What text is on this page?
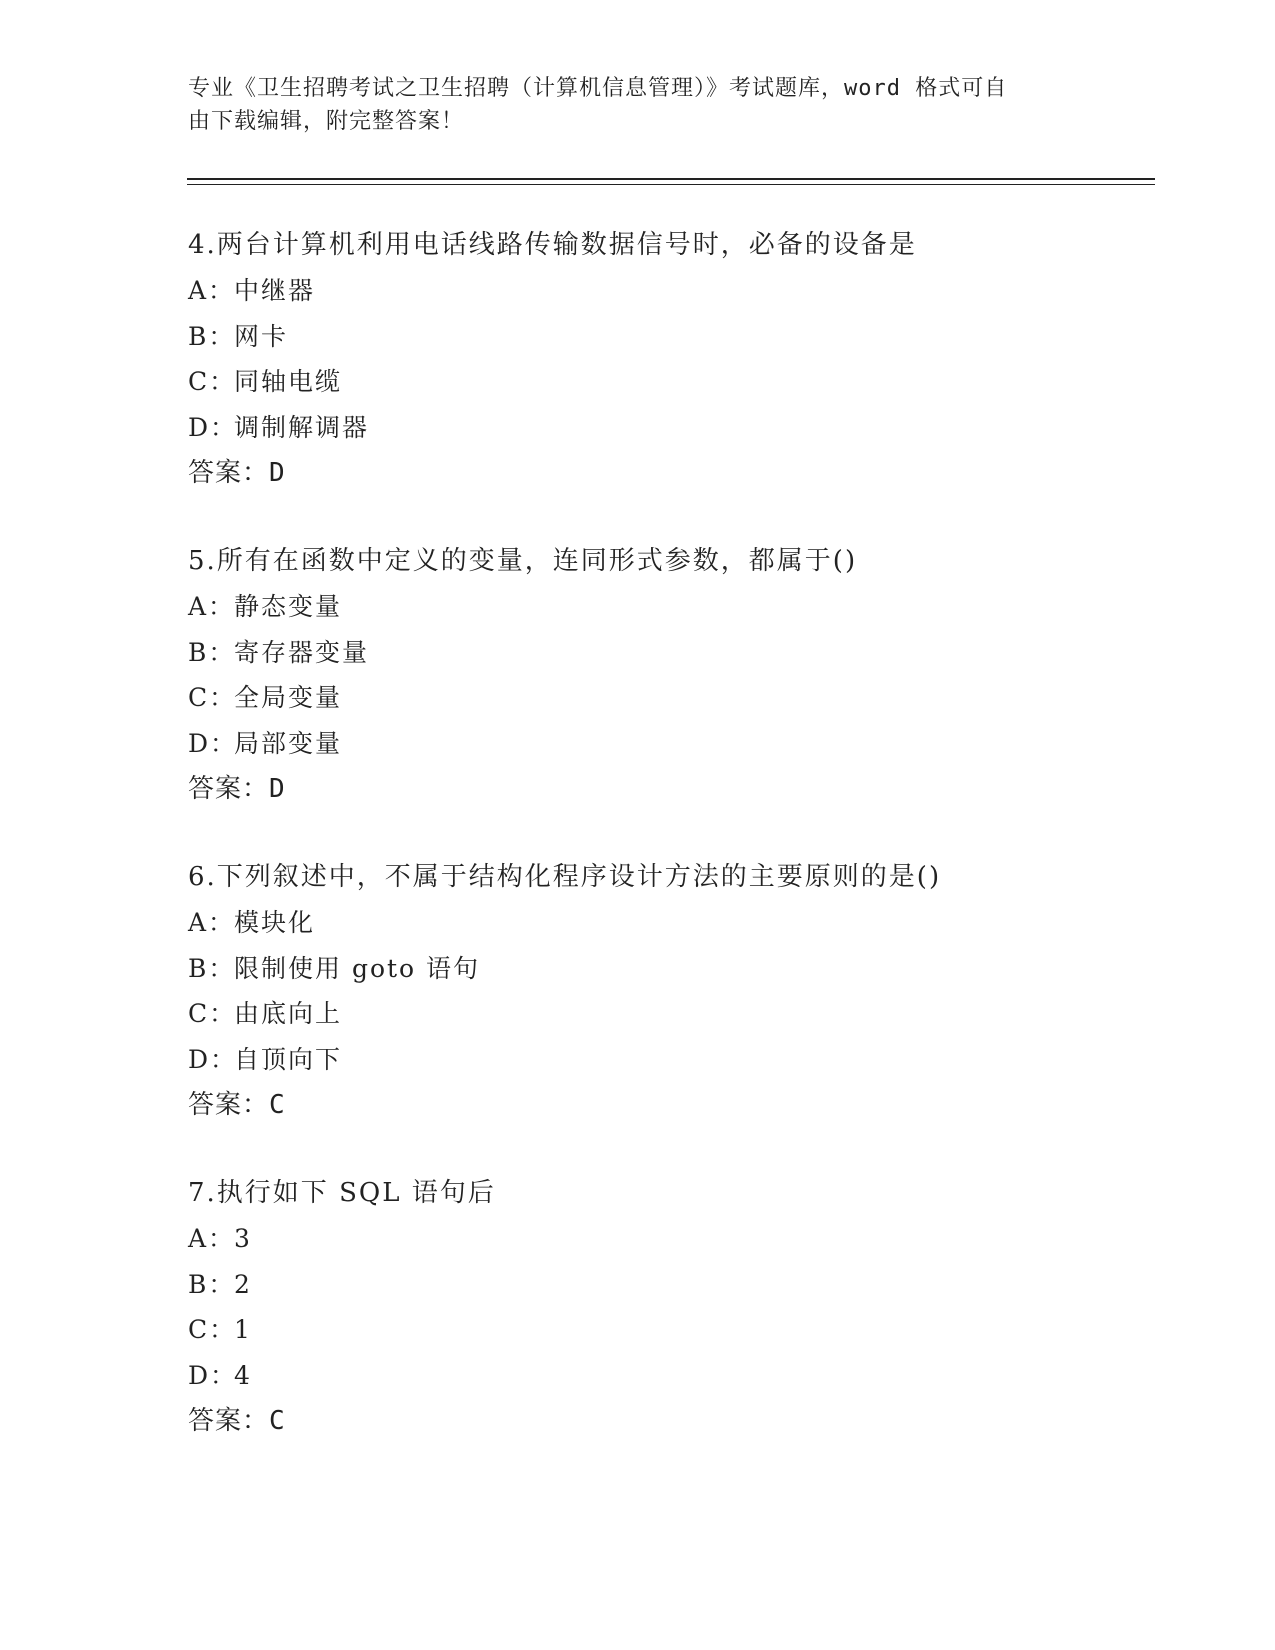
专业《卫生招聘考试之卫生招聘（计算机信息管理）》考试题库，word 格式可自

由下载编辑，附完整答案！

4.两台计算机利用电话线路传输数据信号时，必备的设备是

A：中继器

B：网卡

C：同轴电缆

D：调制解调器

答案：D

5.所有在函数中定义的变量，连同形式参数，都属于()

A：静态变量

B：寄存器变量

C：全局变量

D：局部变量

答案：D

6.下列叙述中，不属于结构化程序设计方法的主要原则的是()

A：模块化

B：限制使用 goto 语句

C：由底向上

D：自顶向下

答案：C

7.执行如下 SQL 语句后

A：3

B：2

C：1

D：4

答案：C
